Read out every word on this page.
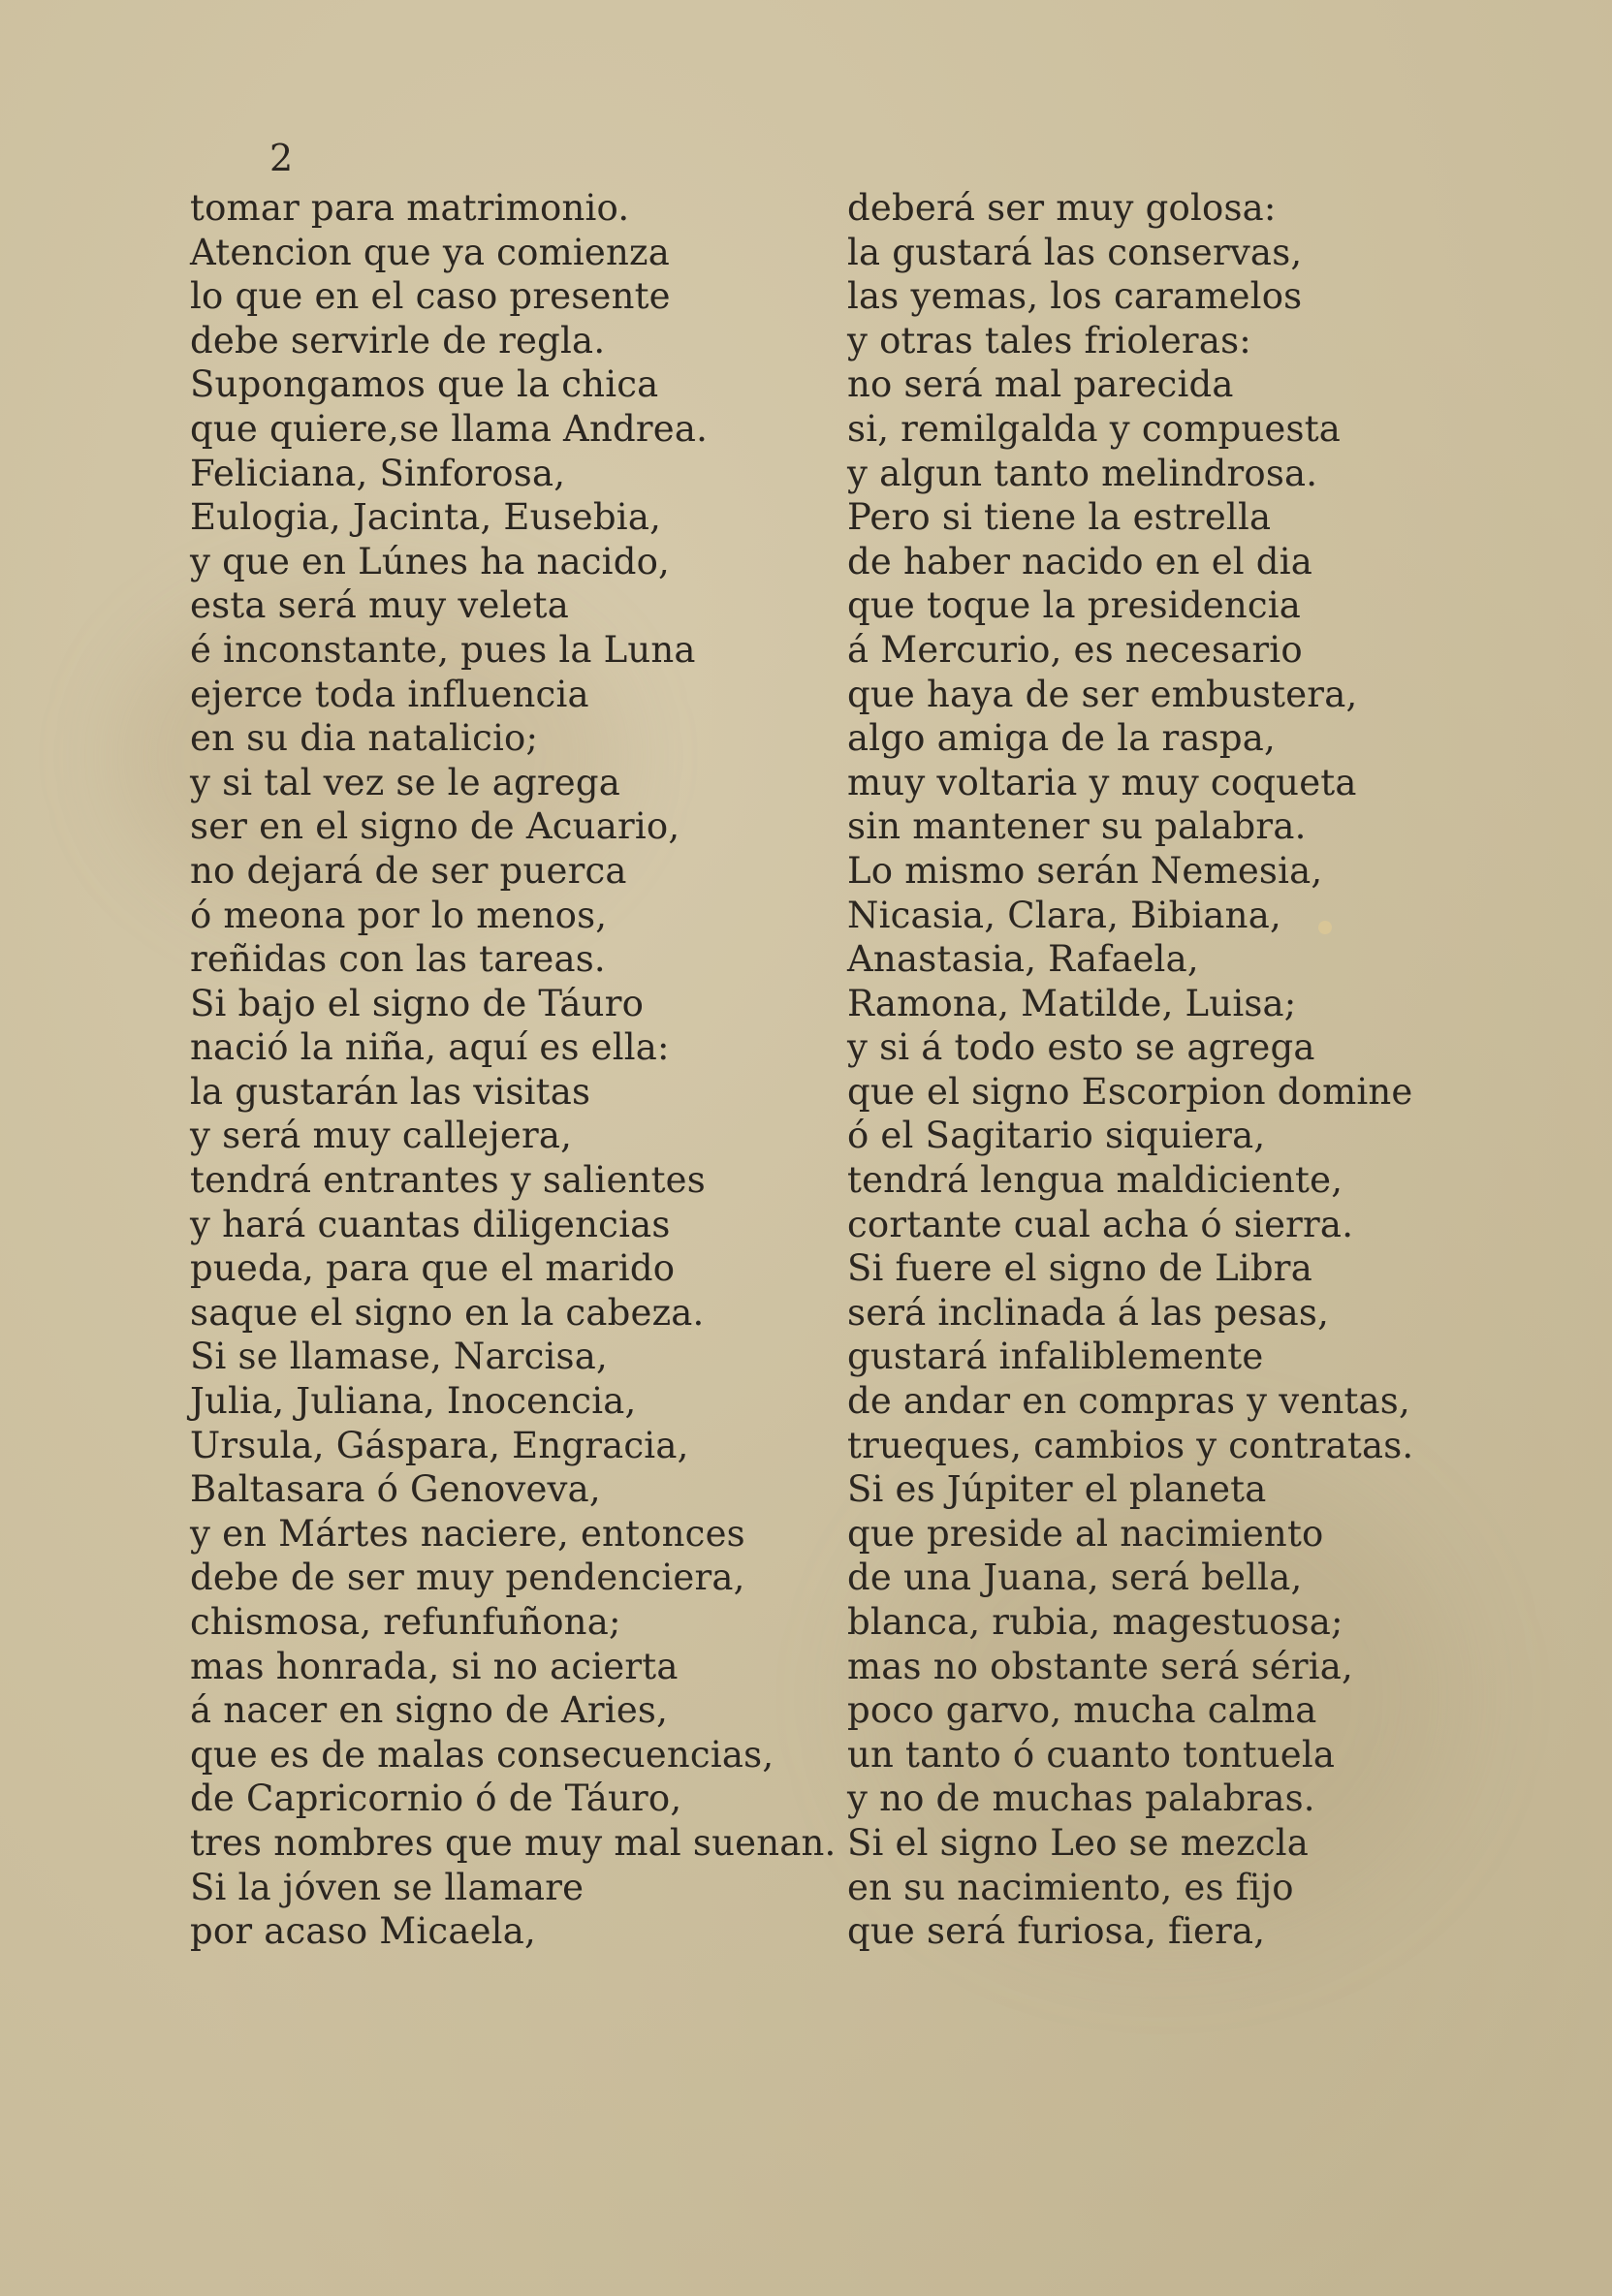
2

tomar para matrimonio.
Atencion que ya comienza
lo que en el caso presente
debe servirle de regla.
Supongamos que la chica
que quiere,se llama Andrea.
Feliciana, Sinforosa,
Eulogia, Jacinta, Eusebia,
y que en Lúnes ha nacido,
esta será muy veleta
é inconstante, pues la Luna
ejerce toda influencia
en su dia natalicio;
y si tal vez se le agrega
ser en el signo de Acuario,
no dejará de ser puerca
ó meona por lo menos,
reñidas con las tareas.
Si bajo el signo de Táuro
nació la niña, aquí es ella:
la gustarán las visitas
y será muy callejera,
tendrá entrantes y salientes
y hará cuantas diligencias
pueda, para que el marido
saque el signo en la cabeza.
Si se llamase, Narcisa,
Julia, Juliana, Inocencia,
Ursula, Gáspara, Engracia,
Baltasara ó Genoveva,
y en Mártes naciere, entonces
debe de ser muy pendenciera,
chismosa, refunfuñona;
mas honrada, si no acierta
á nacer en signo de Aries,
que es de malas consecuencias,
de Capricornio ó de Táuro,
tres nombres que muy mal suenan.
Si la jóven se llamare
por acaso Micaela,
deberá ser muy golosa:
la gustará las conservas,
las yemas, los caramelos
y otras tales frioleras:
no será mal parecida
si, remilgalda y compuesta
y algun tanto melindrosa.
Pero si tiene la estrella
de haber nacido en el dia
que toque la presidencia
á Mercurio, es necesario
que haya de ser embustera,
algo amiga de la raspa,
muy voltaria y muy coqueta
sin mantener su palabra.
Lo mismo serán Nemesia,
Nicasia, Clara, Bibiana,
Anastasia, Rafaela,
Ramona, Matilde, Luisa;
y si á todo esto se agrega
que el signo Escorpion domine
ó el Sagitario siquiera,
tendrá lengua maldiciente,
cortante cual acha ó sierra.
Si fuere el signo de Libra
será inclinada á las pesas,
gustará infaliblemente
de andar en compras y ventas,
trueques, cambios y contratas.
Si es Júpiter el planeta
que preside al nacimiento
de una Juana, será bella,
blanca, rubia, magestuosa;
mas no obstante será séria,
poco garvo, mucha calma
un tanto ó cuanto tontuela
y no de muchas palabras.
Si el signo Leo se mezcla
en su nacimiento, es fijo
que será furiosa, fiera,
